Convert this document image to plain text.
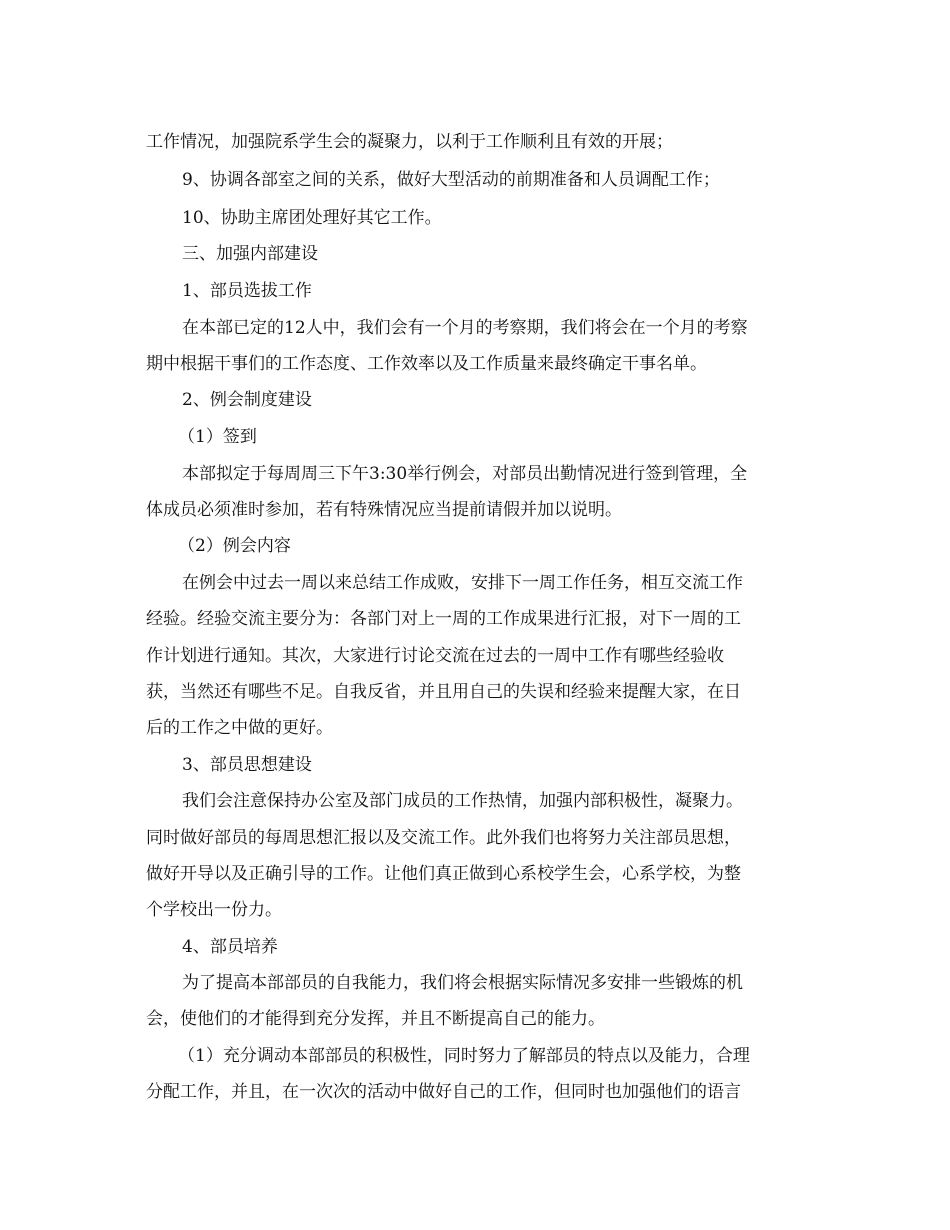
工作情况，加强院系学生会的凝聚力，以利于工作顺利且有效的开展；
9、协调各部室之间的关系，做好大型活动的前期准备和人员调配工作；
10、协助主席团处理好其它工作。
三、加强内部建设
1、部员选拔工作
在本部已定的12人中，我们会有一个月的考察期，我们将会在一个月的考察
期中根据干事们的工作态度、工作效率以及工作质量来最终确定干事名单。
2、例会制度建设
（1）签到
本部拟定于每周周三下午3:30举行例会，对部员出勤情况进行签到管理，全
体成员必须准时参加，若有特殊情况应当提前请假并加以说明。
（2）例会内容
在例会中过去一周以来总结工作成败，安排下一周工作任务，相互交流工作
经验。经验交流主要分为：各部门对上一周的工作成果进行汇报，对下一周的工
作计划进行通知。其次，大家进行讨论交流在过去的一周中工作有哪些经验收
获，当然还有哪些不足。自我反省，并且用自己的失误和经验来提醒大家，在日
后的工作之中做的更好。
3、部员思想建设
我们会注意保持办公室及部门成员的工作热情，加强内部积极性，凝聚力。
同时做好部员的每周思想汇报以及交流工作。此外我们也将努力关注部员思想，
做好开导以及正确引导的工作。让他们真正做到心系校学生会，心系学校，为整
个学校出一份力。
4、部员培养
为了提高本部部员的自我能力，我们将会根据实际情况多安排一些锻炼的机
会，使他们的才能得到充分发挥，并且不断提高自己的能力。
（1）充分调动本部部员的积极性，同时努力了解部员的特点以及能力，合理
分配工作，并且，在一次次的活动中做好自己的工作，但同时也加强他们的语言
